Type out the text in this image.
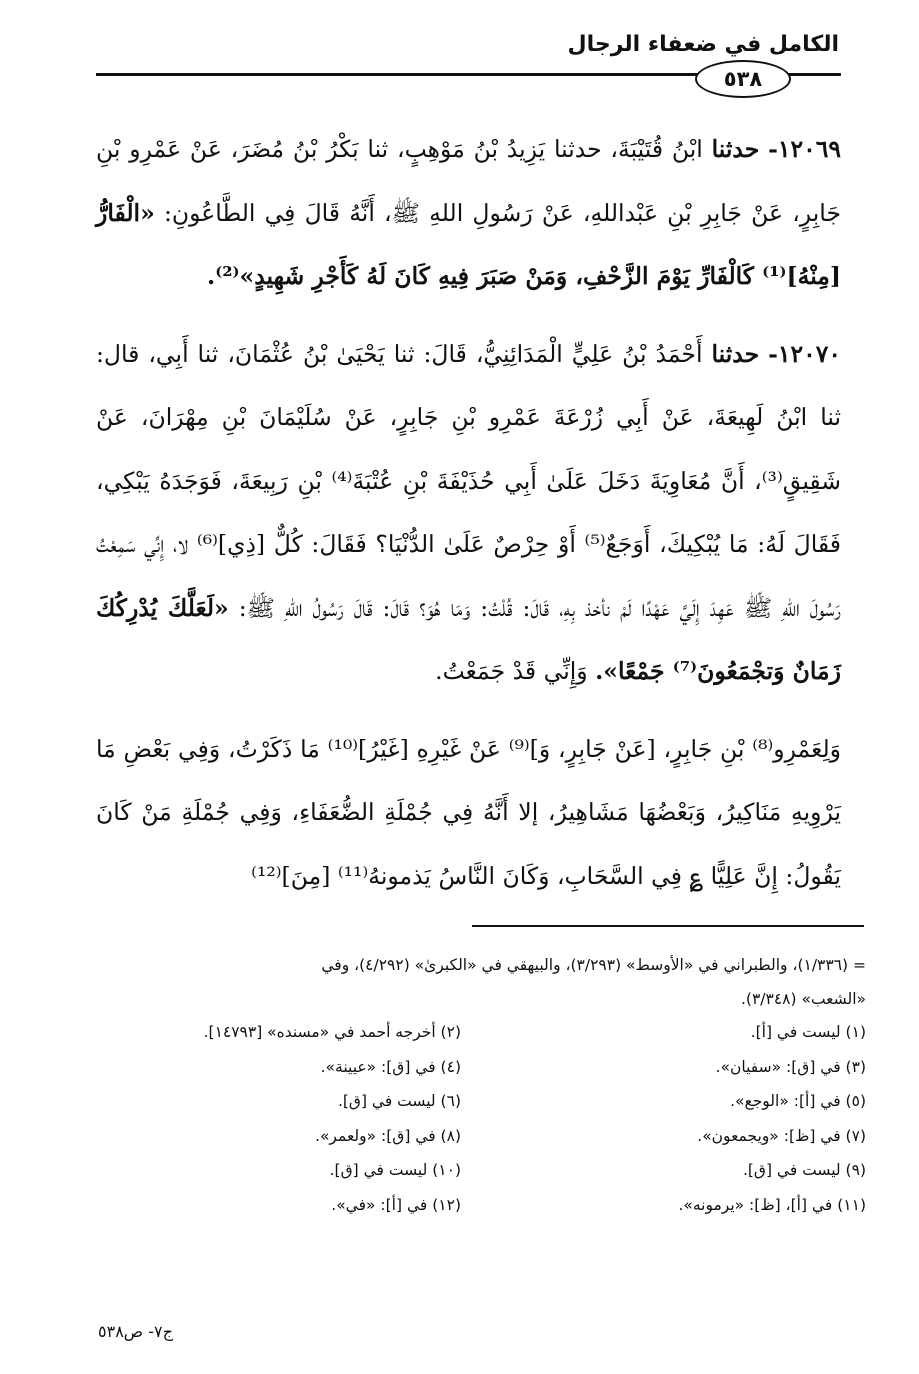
الكامل في ضعفاء الرجال
٥٣٨

١٢٠٦٩- حدثنا ابْنُ قُتَيْبَةَ، حدثنا يَزِيدُ بْنُ مَوْهِبٍ، ثنا بَكْرُ بْنُ مُضَرَ، عَنْ عَمْرِو بْنِ جَابِرٍ، عَنْ جَابِرِ بْنِ عَبْداللهِ، عَنْ رَسُولِ اللهِ ﷺ، أَنَّهُ قَالَ فِي الطَّاعُونِ: «الْفَارُّ [مِنْهُ]⁽¹⁾ كَالْفَارِّ يَوْمَ الزَّحْفِ، وَمَنْ صَبَرَ فِيهِ كَانَ لَهُ كَأَجْرِ شَهِيدٍ»⁽²⁾.

١٢٠٧٠- حدثنا أَحْمَدُ بْنُ عَلِيٍّ الْمَدَائِنِيُّ، قَالَ: ثنا يَحْيَىٰ بْنُ عُثْمَانَ، ثنا أَبِي، قال: ثنا ابْنُ لَهِيعَةَ، عَنْ أَبِي زُرْعَةَ عَمْرِو بْنِ جَابِرٍ، عَنْ سُلَيْمَانَ بْنِ مِهْرَانَ، عَنْ شَقِيقٍ⁽³⁾، أَنَّ مُعَاوِيَةَ دَخَلَ عَلَىٰ أَبِي حُذَيْفَةَ بْنِ عُتْبَةَ⁽⁴⁾ بْنِ رَبِيعَةَ، فَوَجَدَهُ يَبْكِي، فَقَالَ لَهُ: مَا يُبْكِيكَ، أَوَجَعٌ⁽⁵⁾ أَوْ حِرْصٌ عَلَىٰ الدُّنْيَا؟ فَقَالَ: كُلٌّ [ذِي]⁽⁶⁾ لا، إِنِّي سَمِعْتُ رَسُولَ اللهِ ﷺ عَهِدَ إِلَيَّ عَهْدًا لَمْ نأخذ بِهِ، قَالَ: قُلْتُ: وَمَا هُوَ؟ قَالَ: قَالَ رَسُولُ اللهِ ﷺ: «لَعَلَّكَ يُدْرِكُكَ زَمَانٌ وَتجْمَعُونَ⁽⁷⁾ جَمْعًا». وَإِنِّي قَدْ جَمَعْتُ.

وَلِعَمْرِو⁽⁸⁾ بْنِ جَابِرٍ، [عَنْ جَابِرٍ، وَ]⁽⁹⁾ عَنْ غَيْرِهِ [غَيْرُ]⁽¹⁰⁾ مَا ذَكَرْتُ، وَفِي بَعْضِ مَا يَرْوِيهِ مَنَاكِيرُ، وَبَعْضُهَا مَشَاهِيرُ، إلا أَنَّهُ فِي جُمْلَةِ الضُّعَفَاءِ، وَفِي جُمْلَةِ مَنْ كَانَ يَقُولُ: إِنَّ عَلِيًّا ؏ فِي السَّحَابِ، وَكَانَ النَّاسُ يَذمونهُ⁽¹¹⁾ [مِنَ]⁽¹²⁾

= (١/٣٣٦)، والطبراني في «الأوسط» (٣/٢٩٣)، والبيهقي في «الكبرىٰ» (٤/٢٩٢)، وفي

«الشعب» (٣/٣٤٨).

(١) ليست في [أ].
(٣) في [ق]: «سفيان».
(٥) في [أ]: «الوجع».
(٧) في [ظ]: «ويجمعون».
(٩) ليست في [ق].
(١١) في [أ]، [ظ]: «يرمونه».
(٢) أخرجه أحمد في «مسنده» [١٤٧٩٣].
(٤) في [ق]: «عيينة».
(٦) ليست في [ق].
(٨) في [ق]: «ولعمر».
(١٠) ليست في [ق].
(١٢) في [أ]: «في».
ج٧- ص٥٣٨
